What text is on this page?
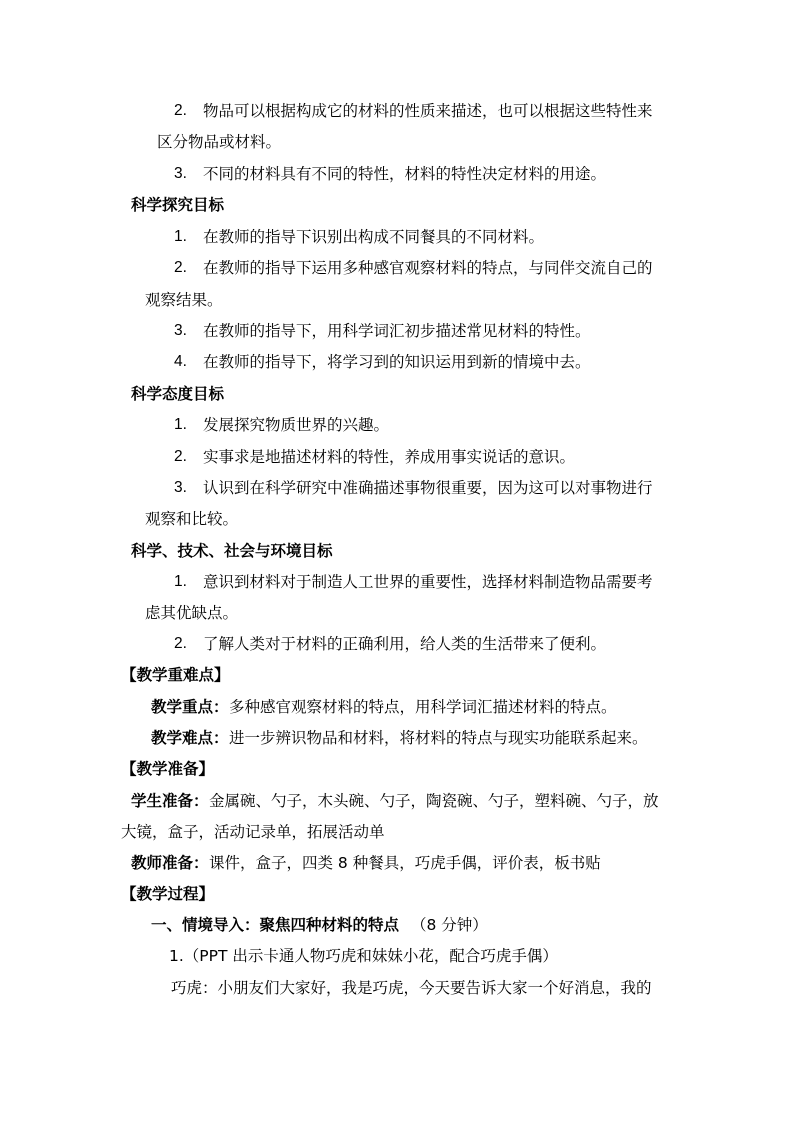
2. 物品可以根据构成它的材料的性质来描述，也可以根据这些特性来
区分物品或材料。
3. 不同的材料具有不同的特性，材料的特性决定材料的用途。
科学探究目标
1. 在教师的指导下识别出构成不同餐具的不同材料。
2. 在教师的指导下运用多种感官观察材料的特点，与同伴交流自己的
观察结果。
3. 在教师的指导下，用科学词汇初步描述常见材料的特性。
4. 在教师的指导下，将学习到的知识运用到新的情境中去。
科学态度目标
1. 发展探究物质世界的兴趣。
2. 实事求是地描述材料的特性，养成用事实说话的意识。
3. 认识到在科学研究中准确描述事物很重要，因为这可以对事物进行
观察和比较。
科学、技术、社会与环境目标
1. 意识到材料对于制造人工世界的重要性，选择材料制造物品需要考
虑其优缺点。
2. 了解人类对于材料的正确利用，给人类的生活带来了便利。
【教学重难点】
教学重点： 多种感官观察材料的特点，用科学词汇描述材料的特点。
教学难点： 进一步辨识物品和材料，将材料的特点与现实功能联系起来。
【教学准备】
学生准备： 金属碗、勺子，木头碗、勺子，陶瓷碗、勺子，塑料碗、勺子，放
大镜，盒子，活动记录单，拓展活动单
教师准备： 课件，盒子，四类 8 种餐具，巧虎手偶，评价表，板书贴
【教学过程】
一、情境导入：聚焦四种材料的特点 （8 分钟）
1.（PPT 出示卡通人物巧虎和妹妹小花，配合巧虎手偶）
巧虎：小朋友们大家好，我是巧虎，今天要告诉大家一个好消息，我的
